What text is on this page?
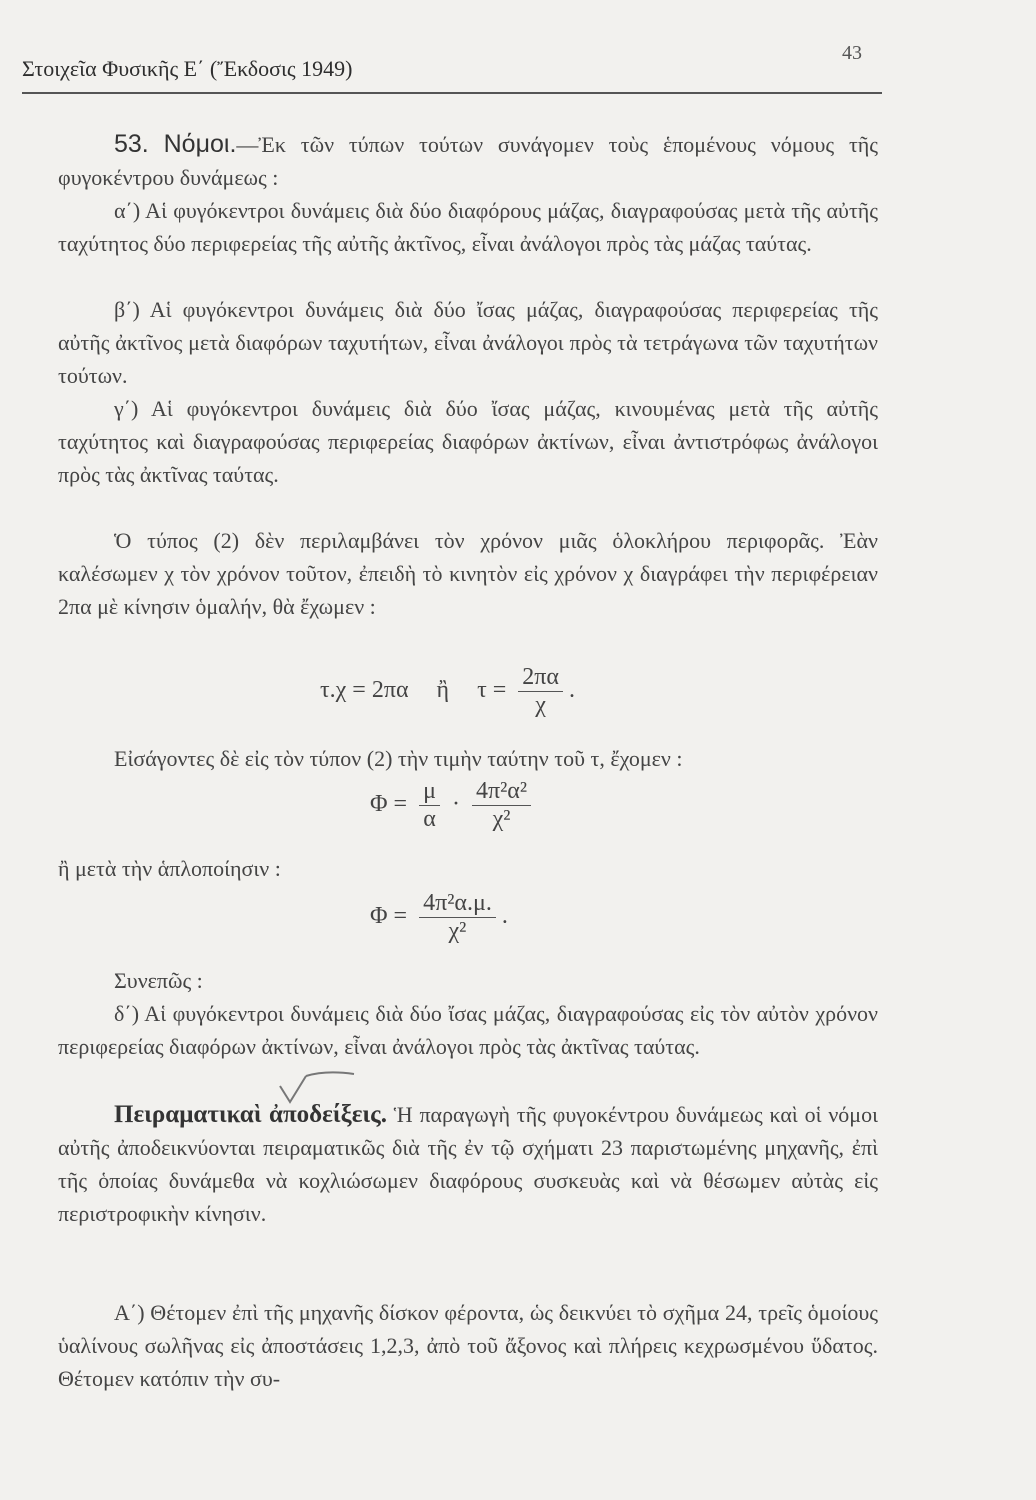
Στοιχεῖα Φυσικῆς Ε΄ (Ἔκδοσις 1949)
43
53. Νόμοι.—Ἐκ τῶν τύπων τούτων συνάγομεν τοὺς ἑπομένους νόμους τῆς φυγοκέντρου δυνάμεως :
α΄) Αἱ φυγόκεντροι δυνάμεις διὰ δύο διαφόρους μάζας, διαγραφούσας μετὰ τῆς αὐτῆς ταχύτητος δύο περιφερείας τῆς αὐτῆς ἀκτῖνος, εἶναι ἀνάλογοι πρὸς τὰς μάζας ταύτας.
β΄) Αἱ φυγόκεντροι δυνάμεις διὰ δύο ἴσας μάζας, διαγραφούσας περιφερείας τῆς αὐτῆς ἀκτῖνος μετὰ διαφόρων ταχυτήτων, εἶναι ἀνάλογοι πρὸς τὰ τετράγωνα τῶν ταχυτήτων τούτων.
γ΄) Αἱ φυγόκεντροι δυνάμεις διὰ δύο ἴσας μάζας, κινουμένας μετὰ τῆς αὐτῆς ταχύτητος καὶ διαγραφούσας περιφερείας διαφόρων ἀκτίνων, εἶναι ἀντιστρόφως ἀνάλογοι πρὸς τὰς ἀκτῖνας ταύτας.
Ὁ τύπος (2) δὲν περιλαμβάνει τὸν χρόνον μιᾶς ὁλοκλήρου περιφορᾶς. Ἐὰν καλέσωμεν χ τὸν χρόνον τοῦτον, ἐπειδὴ τὸ κινητὸν εἰς χρόνον χ διαγράφει τὴν περιφέρειαν 2πα μὲ κίνησιν ὁμαλήν, θὰ ἔχωμεν :
τ.χ = 2πα ἢ $\tau = \frac{2\pi\alpha}{\chi}$ .
Εἰσάγοντες δὲ εἰς τὸν τύπον (2) τὴν τιμὴν ταύτην τοῦ τ, ἔχομεν :
$\Phi = \frac{\mu}{\alpha} \cdot \frac{\text{4π²α²}}{\text{χ²}}$
ἢ μετὰ τὴν ἁπλοποίησιν :
$\Phi = \frac{\text{4π²α.μ.}}{\text{χ²}}$ .
Συνεπῶς :
δ΄) Αἱ φυγόκεντροι δυνάμεις διὰ δύο ἴσας μάζας, διαγραφούσας εἰς τὸν αὐτὸν χρόνον περιφερείας διαφόρων ἀκτίνων, εἶναι ἀνάλογοι πρὸς τὰς ἀκτῖνας ταύτας.
Πειραματικαὶ ἀποδείξεις. Ἡ παραγωγὴ τῆς φυγοκέντρου δυνάμεως καὶ οἱ νόμοι αὐτῆς ἀποδεικνύονται πειραματικῶς διὰ τῆς ἐν τῷ σχήματι 23 παριστωμένης μηχανῆς, ἐπὶ τῆς ὁποίας δυνάμεθα νὰ κοχλιώσωμεν διαφόρους συσκευὰς καὶ νὰ θέσωμεν αὐτὰς εἰς περιστροφικὴν κίνησιν.
Α΄) Θέτομεν ἐπὶ τῆς μηχανῆς δίσκον φέροντα, ὡς δεικνύει τὸ σχῆμα 24, τρεῖς ὁμοίους ὑαλίνους σωλῆνας εἰς ἀποστάσεις 1,2,3, ἀπὸ τοῦ ἄξονος καὶ πλήρεις κεχρωσμένου ὕδατος. Θέτομεν κατόπιν τὴν συ-
